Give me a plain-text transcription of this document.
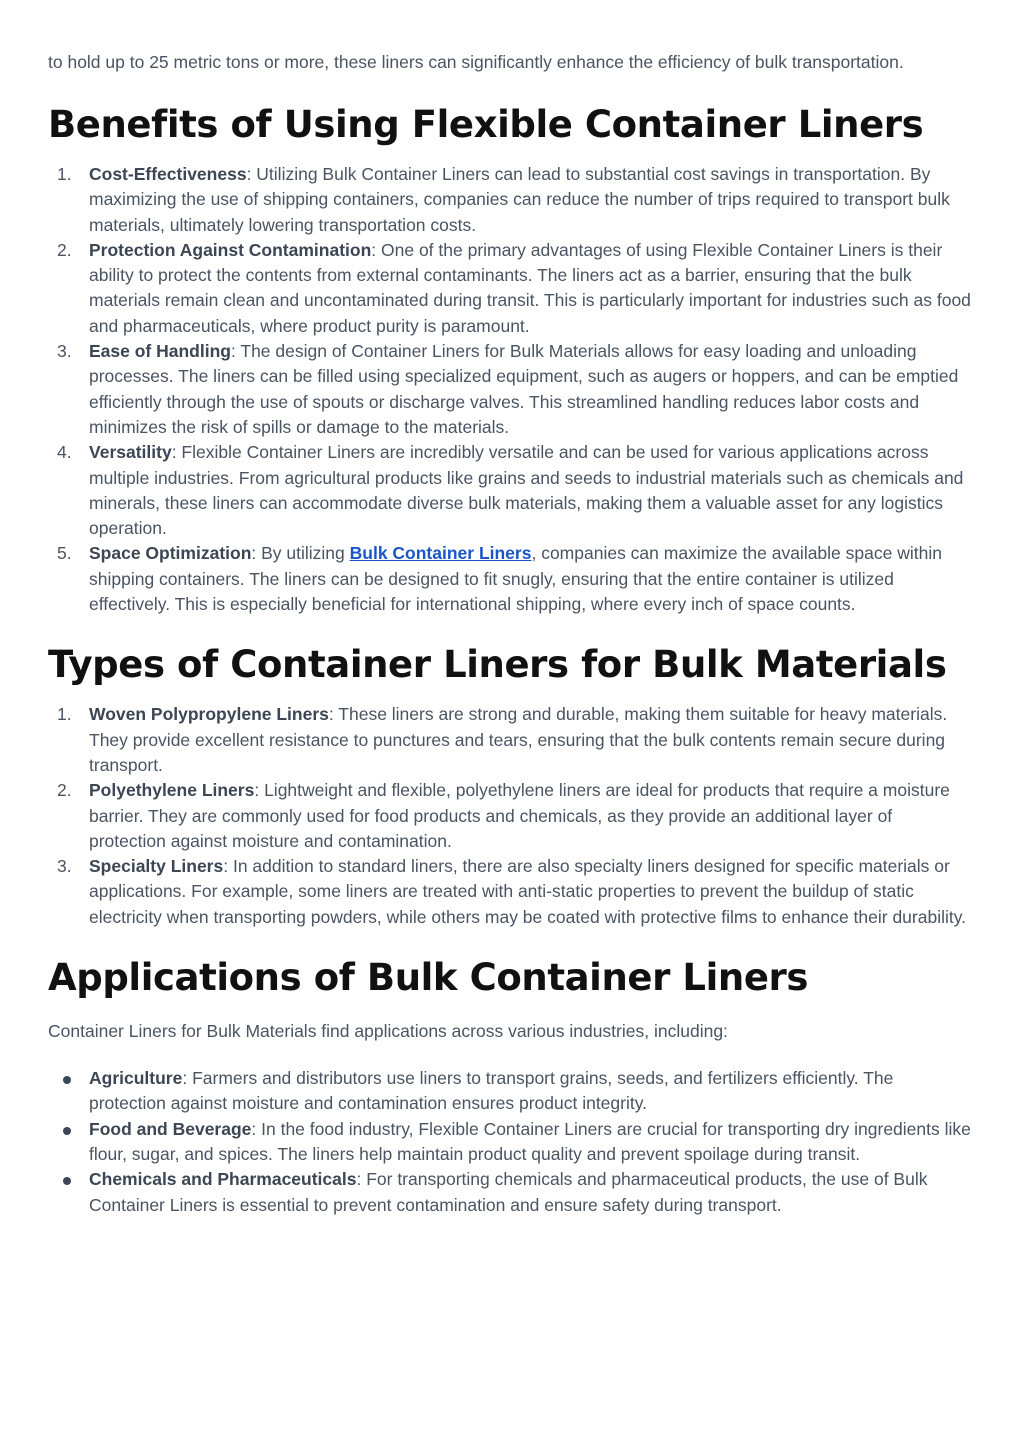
to hold up to 25 metric tons or more, these liners can significantly enhance the efficiency of bulk transportation.

Benefits of Using Flexible Container Liners
1. Cost-Effectiveness: Utilizing Bulk Container Liners can lead to substantial cost savings in transportation. By maximizing the use of shipping containers, companies can reduce the number of trips required to transport bulk materials, ultimately lowering transportation costs.
2. Protection Against Contamination: One of the primary advantages of using Flexible Container Liners is their ability to protect the contents from external contaminants. The liners act as a barrier, ensuring that the bulk materials remain clean and uncontaminated during transit. This is particularly important for industries such as food and pharmaceuticals, where product purity is paramount.
3. Ease of Handling: The design of Container Liners for Bulk Materials allows for easy loading and unloading processes. The liners can be filled using specialized equipment, such as augers or hoppers, and can be emptied efficiently through the use of spouts or discharge valves. This streamlined handling reduces labor costs and minimizes the risk of spills or damage to the materials.
4. Versatility: Flexible Container Liners are incredibly versatile and can be used for various applications across multiple industries. From agricultural products like grains and seeds to industrial materials such as chemicals and minerals, these liners can accommodate diverse bulk materials, making them a valuable asset for any logistics operation.
5. Space Optimization: By utilizing Bulk Container Liners, companies can maximize the available space within shipping containers. The liners can be designed to fit snugly, ensuring that the entire container is utilized effectively. This is especially beneficial for international shipping, where every inch of space counts.
Types of Container Liners for Bulk Materials
1. Woven Polypropylene Liners: These liners are strong and durable, making them suitable for heavy materials. They provide excellent resistance to punctures and tears, ensuring that the bulk contents remain secure during transport.
2. Polyethylene Liners: Lightweight and flexible, polyethylene liners are ideal for products that require a moisture barrier. They are commonly used for food products and chemicals, as they provide an additional layer of protection against moisture and contamination.
3. Specialty Liners: In addition to standard liners, there are also specialty liners designed for specific materials or applications. For example, some liners are treated with anti-static properties to prevent the buildup of static electricity when transporting powders, while others may be coated with protective films to enhance their durability.
Applications of Bulk Container Liners

Container Liners for Bulk Materials find applications across various industries, including:

Agriculture: Farmers and distributors use liners to transport grains, seeds, and fertilizers efficiently. The protection against moisture and contamination ensures product integrity.
Food and Beverage: In the food industry, Flexible Container Liners are crucial for transporting dry ingredients like flour, sugar, and spices. The liners help maintain product quality and prevent spoilage during transit.
Chemicals and Pharmaceuticals: For transporting chemicals and pharmaceutical products, the use of Bulk Container Liners is essential to prevent contamination and ensure safety during transport.
